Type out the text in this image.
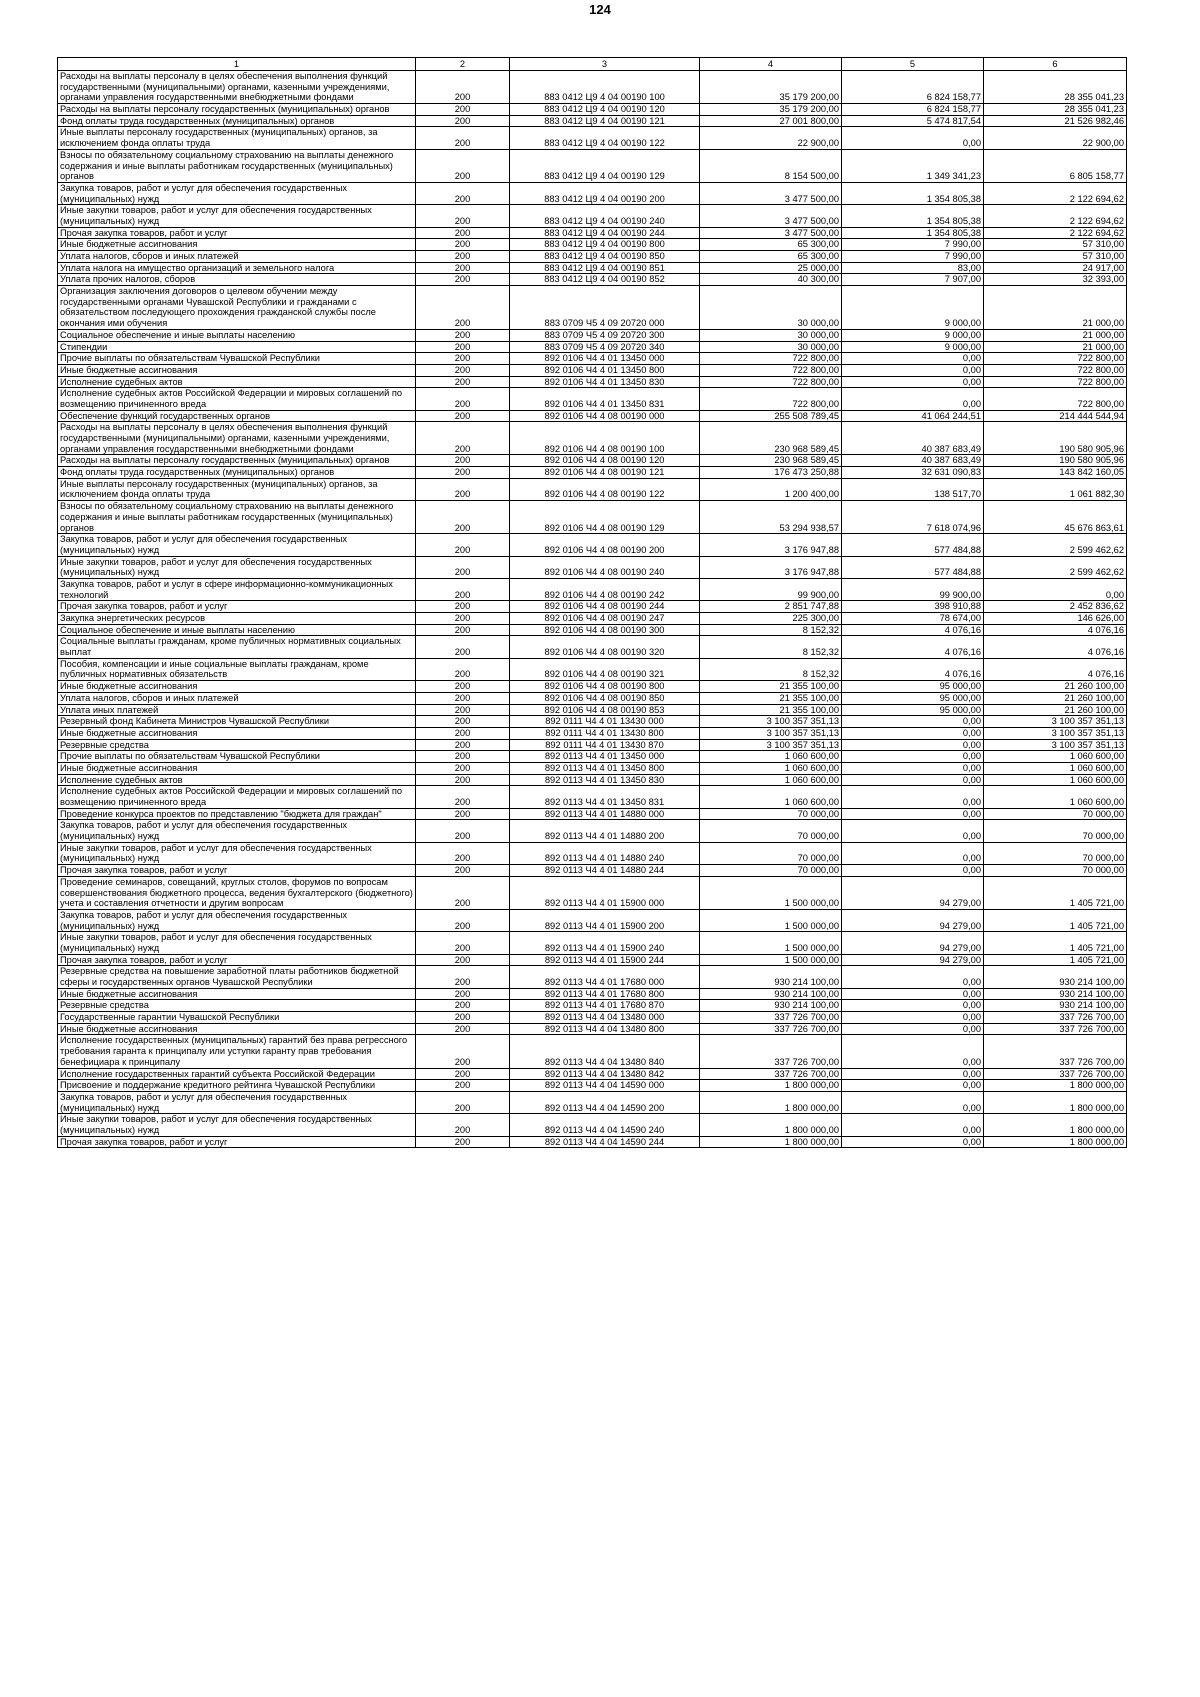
124
1	2	3	4	5	6
Расходы на выплаты персоналу в целях обеспечения выполнения функций государственными (муниципальными) органами, казенными учреждениями, органами управления государственными внебюджетными фондами	200	883 0412 Ц9 4 04 00190 100	35 179 200,00	6 824 158,77	28 355 041,23
Расходы на выплаты персоналу государственных (муниципальных) органов	200	883 0412 Ц9 4 04 00190 120	35 179 200,00	6 824 158,77	28 355 041,23
Фонд оплаты труда государственных (муниципальных) органов	200	883 0412 Ц9 4 04 00190 121	27 001 800,00	5 474 817,54	21 526 982,46
Иные выплаты персоналу государственных (муниципальных) органов, за исключением фонда оплаты труда	200	883 0412 Ц9 4 04 00190 122	22 900,00	0,00	22 900,00
Взносы по обязательному социальному страхованию на выплаты денежного содержания и иные выплаты работникам государственных (муниципальных) органов	200	883 0412 Ц9 4 04 00190 129	8 154 500,00	1 349 341,23	6 805 158,77
Закупка товаров, работ и услуг для обеспечения государственных (муниципальных) нужд	200	883 0412 Ц9 4 04 00190 200	3 477 500,00	1 354 805,38	2 122 694,62
Иные закупки товаров, работ и услуг для обеспечения государственных (муниципальных) нужд	200	883 0412 Ц9 4 04 00190 240	3 477 500,00	1 354 805,38	2 122 694,62
Прочая закупка товаров, работ и услуг	200	883 0412 Ц9 4 04 00190 244	3 477 500,00	1 354 805,38	2 122 694,62
Иные бюджетные ассигнования	200	883 0412 Ц9 4 04 00190 800	65 300,00	7 990,00	57 310,00
Уплата налогов, сборов и иных платежей	200	883 0412 Ц9 4 04 00190 850	65 300,00	7 990,00	57 310,00
Уплата налога на имущество организаций и земельного налога	200	883 0412 Ц9 4 04 00190 851	25 000,00	83,00	24 917,00
Уплата прочих налогов, сборов	200	883 0412 Ц9 4 04 00190 852	40 300,00	7 907,00	32 393,00
Организация заключения договоров о целевом обучении между государственными органами Чувашской Республики и гражданами с обязательством последующего прохождения гражданской службы после окончания ими обучения	200	883 0709 Ч5 4 09 20720 000	30 000,00	9 000,00	21 000,00
Социальное обеспечение и иные выплаты населению	200	883 0709 Ч5 4 09 20720 300	30 000,00	9 000,00	21 000,00
Стипендии	200	883 0709 Ч5 4 09 20720 340	30 000,00	9 000,00	21 000,00
Прочие выплаты по обязательствам Чувашской Республики	200	892 0106 Ч4 4 01 13450 000	722 800,00	0,00	722 800,00
Иные бюджетные ассигнования	200	892 0106 Ч4 4 01 13450 800	722 800,00	0,00	722 800,00
Исполнение судебных актов	200	892 0106 Ч4 4 01 13450 830	722 800,00	0,00	722 800,00
Исполнение судебных актов Российской Федерации и мировых соглашений по возмещению причиненного вреда	200	892 0106 Ч4 4 01 13450 831	722 800,00	0,00	722 800,00
Обеспечение функций государственных органов	200	892 0106 Ч4 4 08 00190 000	255 508 789,45	41 064 244,51	214 444 544,94
Расходы на выплаты персоналу в целях обеспечения выполнения функций государственными (муниципальными) органами, казенными учреждениями, органами управления государственными внебюджетными фондами	200	892 0106 Ч4 4 08 00190 100	230 968 589,45	40 387 683,49	190 580 905,96
Расходы на выплаты персоналу государственных (муниципальных) органов	200	892 0106 Ч4 4 08 00190 120	230 968 589,45	40 387 683,49	190 580 905,96
Фонд оплаты труда государственных (муниципальных) органов	200	892 0106 Ч4 4 08 00190 121	176 473 250,88	32 631 090,83	143 842 160,05
Иные выплаты персоналу государственных (муниципальных) органов, за исключением фонда оплаты труда	200	892 0106 Ч4 4 08 00190 122	1 200 400,00	138 517,70	1 061 882,30
Взносы по обязательному социальному страхованию на выплаты денежного содержания и иные выплаты работникам государственных (муниципальных) органов	200	892 0106 Ч4 4 08 00190 129	53 294 938,57	7 618 074,96	45 676 863,61
Закупка товаров, работ и услуг для обеспечения государственных (муниципальных) нужд	200	892 0106 Ч4 4 08 00190 200	3 176 947,88	577 484,88	2 599 462,62
Иные закупки товаров, работ и услуг для обеспечения государственных (муниципальных) нужд	200	892 0106 Ч4 4 08 00190 240	3 176 947,88	577 484,88	2 599 462,62
Закупка товаров, работ и услуг в сфере информационно-коммуникационных технологий	200	892 0106 Ч4 4 08 00190 242	99 900,00	99 900,00	0,00
Прочая закупка товаров, работ и услуг	200	892 0106 Ч4 4 08 00190 244	2 851 747,88	398 910,88	2 452 836,62
Закупка энергетических ресурсов	200	892 0106 Ч4 4 08 00190 247	225 300,00	78 674,00	146 626,00
Социальное обеспечение и иные выплаты населению	200	892 0106 Ч4 4 08 00190 300	8 152,32	4 076,16	4 076,16
Социальные выплаты гражданам, кроме публичных нормативных социальных выплат	200	892 0106 Ч4 4 08 00190 320	8 152,32	4 076,16	4 076,16
Пособия, компенсации и иные социальные выплаты гражданам, кроме публичных нормативных обязательств	200	892 0106 Ч4 4 08 00190 321	8 152,32	4 076,16	4 076,16
Иные бюджетные ассигнования	200	892 0106 Ч4 4 08 00190 800	21 355 100,00	95 000,00	21 260 100,00
Уплата налогов, сборов и иных платежей	200	892 0106 Ч4 4 08 00190 850	21 355 100,00	95 000,00	21 260 100,00
Уплата иных платежей	200	892 0106 Ч4 4 08 00190 853	21 355 100,00	95 000,00	21 260 100,00
Резервный фонд Кабинета Министров Чувашской Республики	200	892 0111 Ч4 4 01 13430 000	3 100 357 351,13	0,00	3 100 357 351,13
Иные бюджетные ассигнования	200	892 0111 Ч4 4 01 13430 800	3 100 357 351,13	0,00	3 100 357 351,13
Резервные средства	200	892 0111 Ч4 4 01 13430 870	3 100 357 351,13	0,00	3 100 357 351,13
Прочие выплаты по обязательствам Чувашской Республики	200	892 0113 Ч4 4 01 13450 000	1 060 600,00	0,00	1 060 600,00
Иные бюджетные ассигнования	200	892 0113 Ч4 4 01 13450 800	1 060 600,00	0,00	1 060 600,00
Исполнение судебных актов	200	892 0113 Ч4 4 01 13450 830	1 060 600,00	0,00	1 060 600,00
Исполнение судебных актов Российской Федерации и мировых соглашений по возмещению причиненного вреда	200	892 0113 Ч4 4 01 13450 831	1 060 600,00	0,00	1 060 600,00
Проведение конкурса проектов по представлению "бюджета для граждан"	200	892 0113 Ч4 4 01 14880 000	70 000,00	0,00	70 000,00
Закупка товаров, работ и услуг для обеспечения государственных (муниципальных) нужд	200	892 0113 Ч4 4 01 14880 200	70 000,00	0,00	70 000,00
Иные закупки товаров, работ и услуг для обеспечения государственных (муниципальных) нужд	200	892 0113 Ч4 4 01 14880 240	70 000,00	0,00	70 000,00
Прочая закупка товаров, работ и услуг	200	892 0113 Ч4 4 01 14880 244	70 000,00	0,00	70 000,00
Проведение семинаров, совещаний, круглых столов, форумов по вопросам совершенствования бюджетного процесса, ведения бухгалтерского (бюджетного) учета и составления отчетности и другим вопросам	200	892 0113 Ч4 4 01 15900 000	1 500 000,00	94 279,00	1 405 721,00
Закупка товаров, работ и услуг для обеспечения государственных (муниципальных) нужд	200	892 0113 Ч4 4 01 15900 200	1 500 000,00	94 279,00	1 405 721,00
Иные закупки товаров, работ и услуг для обеспечения государственных (муниципальных) нужд	200	892 0113 Ч4 4 01 15900 240	1 500 000,00	94 279,00	1 405 721,00
Прочая закупка товаров, работ и услуг	200	892 0113 Ч4 4 01 15900 244	1 500 000,00	94 279,00	1 405 721,00
Резервные средства на повышение заработной платы работников бюджетной сферы и государственных органов Чувашской Республики	200	892 0113 Ч4 4 01 17680 000	930 214 100,00	0,00	930 214 100,00
Иные бюджетные ассигнования	200	892 0113 Ч4 4 01 17680 800	930 214 100,00	0,00	930 214 100,00
Резервные средства	200	892 0113 Ч4 4 01 17680 870	930 214 100,00	0,00	930 214 100,00
Государственные гарантии Чувашской Республики	200	892 0113 Ч4 4 04 13480 000	337 726 700,00	0,00	337 726 700,00
Иные бюджетные ассигнования	200	892 0113 Ч4 4 04 13480 800	337 726 700,00	0,00	337 726 700,00
Исполнение государственных (муниципальных) гарантий без права регрессного требования гаранта к принципалу или уступки гаранту прав требования бенефициара к принципалу	200	892 0113 Ч4 4 04 13480 840	337 726 700,00	0,00	337 726 700,00
Исполнение государственных гарантий субъекта Российской Федерации	200	892 0113 Ч4 4 04 13480 842	337 726 700,00	0,00	337 726 700,00
Присвоение и поддержание кредитного рейтинга Чувашской Республики	200	892 0113 Ч4 4 04 14590 000	1 800 000,00	0,00	1 800 000,00
Закупка товаров, работ и услуг для обеспечения государственных (муниципальных) нужд	200	892 0113 Ч4 4 04 14590 200	1 800 000,00	0,00	1 800 000,00
Иные закупки товаров, работ и услуг для обеспечения государственных (муниципальных) нужд	200	892 0113 Ч4 4 04 14590 240	1 800 000,00	0,00	1 800 000,00
Прочая закупка товаров, работ и услуг	200	892 0113 Ч4 4 04 14590 244	1 800 000,00	0,00	1 800 000,00
